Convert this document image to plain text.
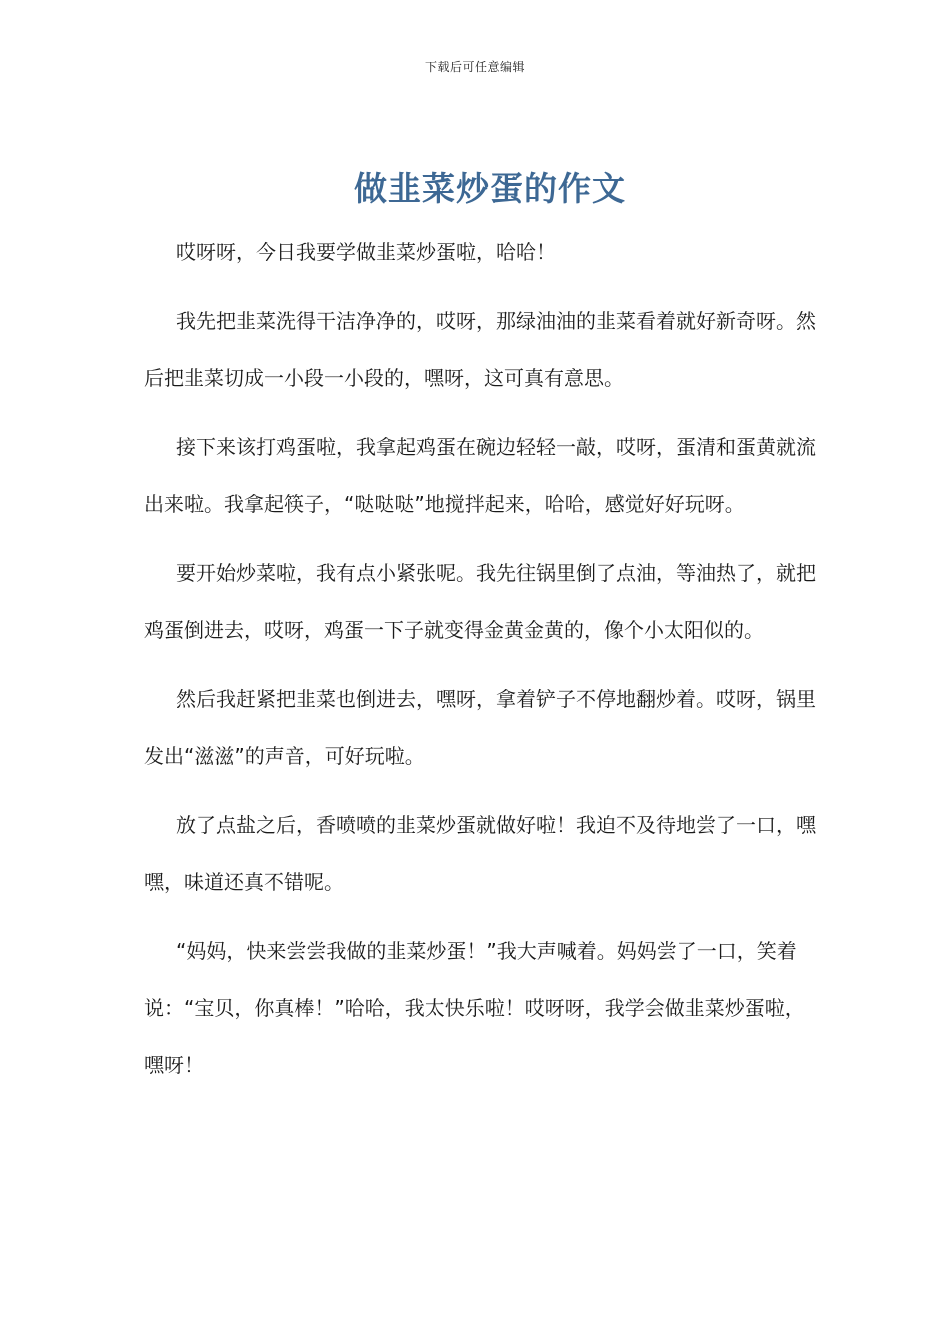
下载后可任意编辑
做韭菜炒蛋的作文

哎呀呀，今日我要学做韭菜炒蛋啦，哈哈！

我先把韭菜洗得干洁净净的，哎呀，那绿油油的韭菜看着就好新奇呀。然后把韭菜切成一小段一小段的，嘿呀，这可真有意思。

接下来该打鸡蛋啦，我拿起鸡蛋在碗边轻轻一敲，哎呀，蛋清和蛋黄就流出来啦。我拿起筷子，“哒哒哒”地搅拌起来，哈哈，感觉好好玩呀。

要开始炒菜啦，我有点小紧张呢。我先往锅里倒了点油，等油热了，就把鸡蛋倒进去，哎呀，鸡蛋一下子就变得金黄金黄的，像个小太阳似的。

然后我赶紧把韭菜也倒进去，嘿呀，拿着铲子不停地翻炒着。哎呀，锅里发出“滋滋”的声音，可好玩啦。

放了点盐之后，香喷喷的韭菜炒蛋就做好啦！我迫不及待地尝了一口，嘿嘿，味道还真不错呢。

“妈妈，快来尝尝我做的韭菜炒蛋！”我大声喊着。妈妈尝了一口，笑着说：“宝贝，你真棒！”哈哈，我太快乐啦！哎呀呀，我学会做韭菜炒蛋啦，嘿呀！
